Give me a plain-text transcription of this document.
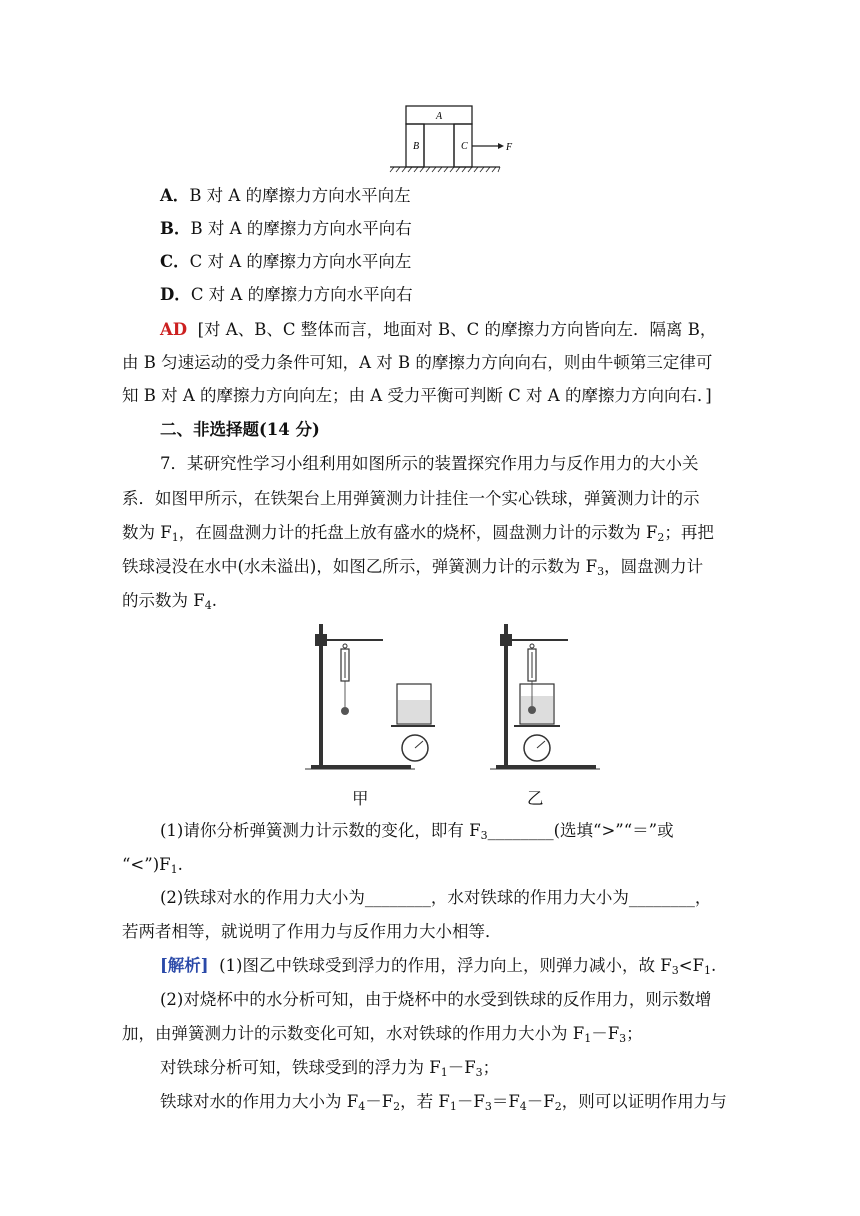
A
B	C	F
A．B 对 A 的摩擦力方向水平向左
B．B 对 A 的摩擦力方向水平向右
C．C 对 A 的摩擦力方向水平向左
D．C 对 A 的摩擦力方向水平向右
AD [对 A、B、C 整体而言，地面对 B、C 的摩擦力方向皆向左．隔离 B，
由 B 匀速运动的受力条件可知，A 对 B 的摩擦力方向向右，则由牛顿第三定律可
知 B 对 A 的摩擦力方向向左；由 A 受力平衡可判断 C 对 A 的摩擦力方向向右．]
二、非选择题(14 分)
7．某研究性学习小组利用如图所示的装置探究作用力与反作用力的大小关
系．如图甲所示，在铁架台上用弹簧测力计挂住一个实心铁球，弹簧测力计的示
数为 $F_1$，在圆盘测力计的托盘上放有盛水的烧杯，圆盘测力计的示数为 $F_2$；再把
铁球浸没在水中(水未溢出)，如图乙所示，弹簧测力计的示数为 $F_3$，圆盘测力计
的示数为 $F_4$.
甲	乙
(1)请你分析弹簧测力计示数的变化，即有 $F_3\_\_\_\_\_\_\_\_$(选填“>”“＝”或
“$<”)F_1$.
(2)铁球对水的作用力大小为________，水对铁球的作用力大小为________，
若两者相等，就说明了作用力与反作用力大小相等．
[解析] (1)图乙中铁球受到浮力的作用，浮力向上，则弹力减小，故 $F_3<F_1$.
(2)对烧杯中的水分析可知，由于烧杯中的水受到铁球的反作用力，则示数增
加，由弹簧测力计的示数变化可知，水对铁球的作用力大小为 $F_1-F_3$；
对铁球分析可知，铁球受到的浮力为 $F_1-F_3$；
铁球对水的作用力大小为 $F_4-F_2$，若 $F_1-F_3=F_4-F_2$，则可以证明作用力与
